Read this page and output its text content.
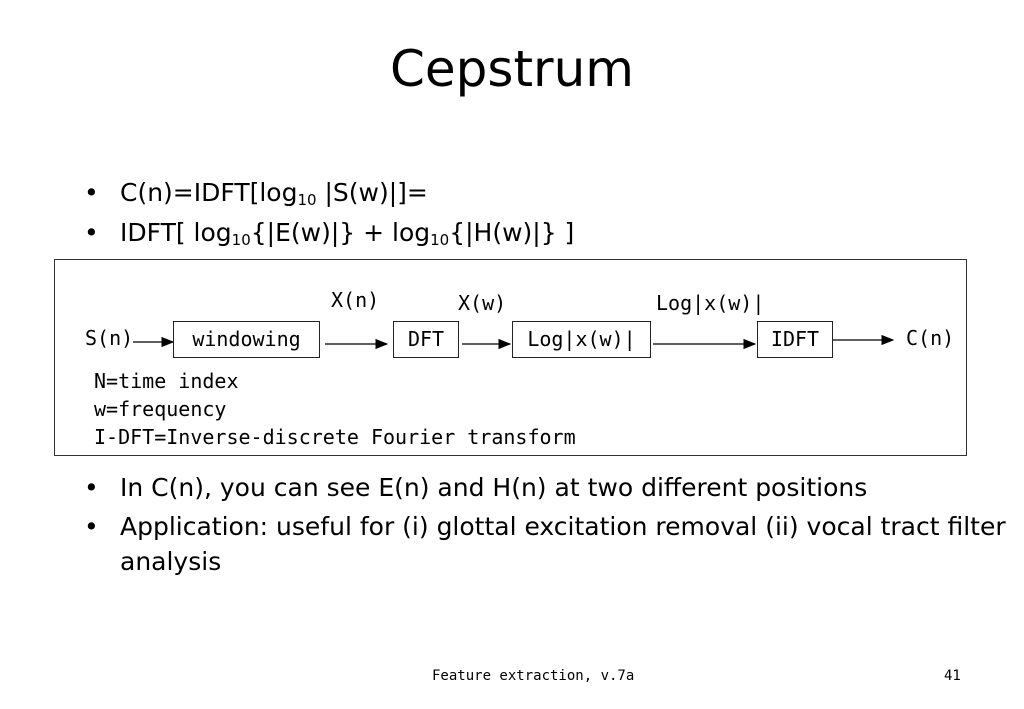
Cepstrum
• $C(n)=IDFT[\log_{10}$ |S(w)|]=
• IDFT[ $\log_{10}\{|E(w)|\} + \log_{10}\{|H(w)|\}$ ]
S(n)	windowing
X(n)
DFT
X(w)
Log|x(w)|
Log|x(w)|
IDFT	C(n)
N=time index
w=frequency
I-DFT=Inverse-discrete Fourier transform
• In C(n), you can see E(n) and H(n) at two different positions
• Application: useful for (i) glottal excitation removal (ii) vocal tract filter analysis
Feature extraction, v.7a	41
